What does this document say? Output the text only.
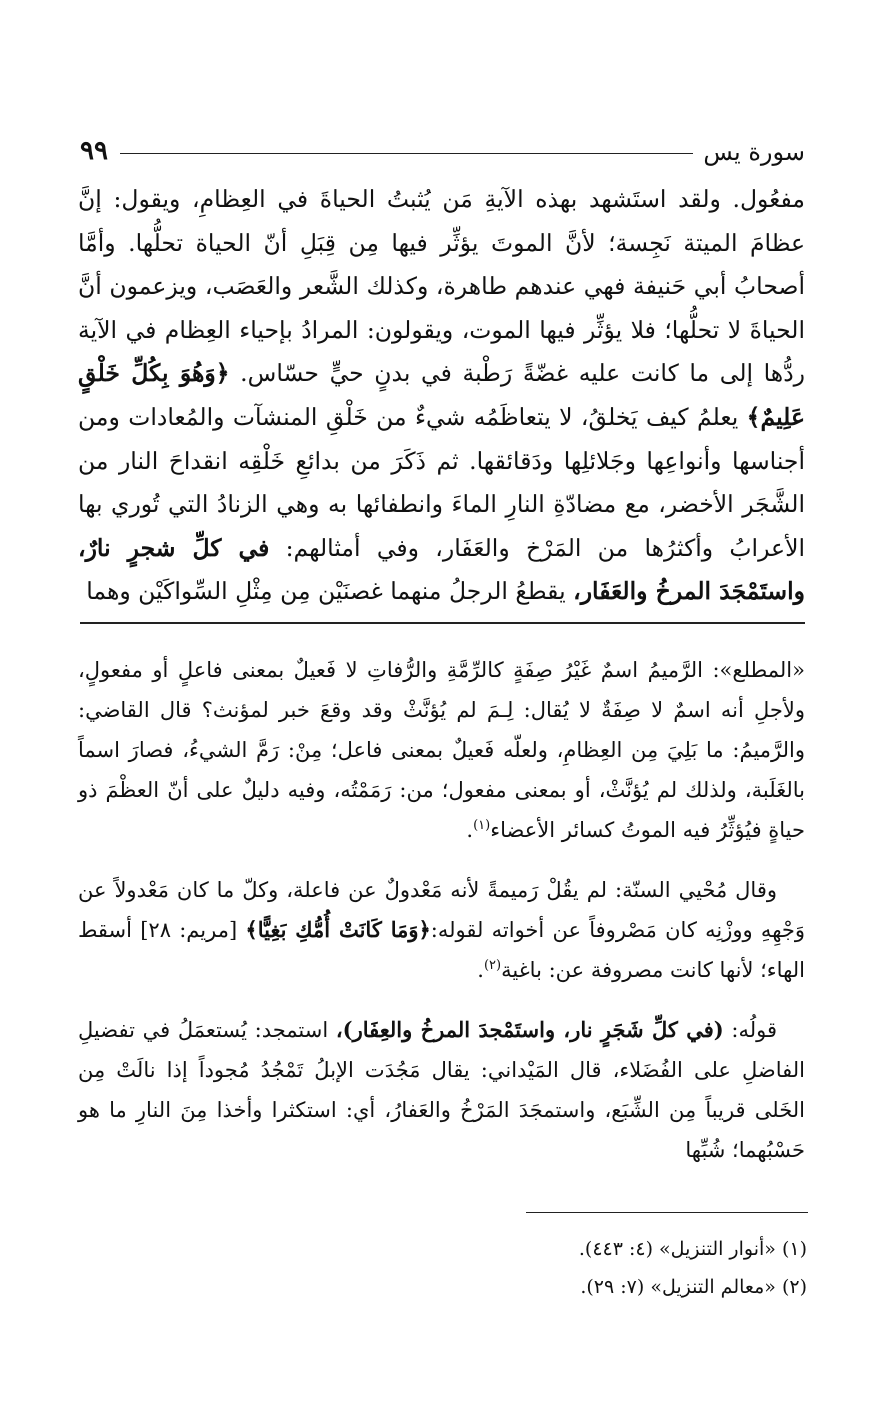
سورة يس
٩٩

مفعُول. ولقد استَشهد بهذه الآيةِ مَن يُثبتُ الحياةَ في العِظامِ، ويقول: إنَّ عظامَ الميتة نَجِسة؛ لأنَّ الموتَ يؤثِّر فيها مِن قِبَلِ أنّ الحياة تحلُّها. وأمَّا أصحابُ أبي حَنيفة فهي عندهم طاهرة، وكذلك الشَّعر والعَصَب، ويزعمون أنَّ الحياةَ لا تحلُّها؛ فلا يؤثِّر فيها الموت، ويقولون: المرادُ بإحياء العِظام في الآية ردُّها إلى ما كانت عليه غضّةً رَطْبة في بدنٍ حيٍّ حسّاس. ﴿وَهُوَ بِكُلِّ خَلْقٍ عَلِيمٌ﴾ يعلمُ كيف يَخلقُ، لا يتعاظَمُه شيءٌ من خَلْقِ المنشآت والمُعادات ومن أجناسها وأنواعِها وجَلائلِها ودَقائقها. ثم ذَكَرَ من بدائعِ خَلْقِه انقداحَ النار من الشَّجَر الأخضر، مع مضادّةِ النارِ الماءَ وانطفائها به وهي الزنادُ التي تُوري بها الأعرابُ وأكثرُها من المَرْخ والعَفَار، وفي أمثالهم: في كلِّ شجرٍ نارٌ، واستَمْجَدَ المرخُ والعَفَار، يقطعُ الرجلُ منهما غصنَيْن مِن مِثْلِ السِّواكَيْن وهما

«المطلع»: الرَّميمُ اسمٌ غَيْرُ صِفَةٍ كالرِّمَّةِ والرُّفاتِ لا فَعيلٌ بمعنى فاعلٍ أو مفعولٍ، ولأجلِ أنه اسمٌ لا صِفَةٌ لا يُقال: لِـمَ لم يُؤنَّثْ وقد وقعَ خبر لمؤنث؟ قال القاضي: والرَّميمُ: ما بَلِيَ مِن العِظامِ، ولعلّه فَعيلٌ بمعنى فاعل؛ مِنْ: رَمَّ الشيءُ، فصارَ اسماً بالغَلَبة، ولذلك لم يُؤنَّثْ، أو بمعنى مفعول؛ من: رَمَمْتُه، وفيه دليلٌ على أنّ العظْمَ ذو حياةٍ فيُؤثِّرُ فيه الموتُ كسائر الأعضاء$^{(١)}$.

وقال مُحْيي السنّة: لم يقُلْ رَميمةً لأنه مَعْدولٌ عن فاعلة، وكلّ ما كان مَعْدولاً عن وَجْهِهِ ووزْنِه كان مَصْروفاً عن أخواته لقوله:﴿وَمَا كَانَتْ أُمُّكِ بَغِيًّا﴾ [مريم: ٢٨] أسقط الهاء؛ لأنها كانت مصروفة عن: باغية$^{(٢)}$.

قولُه: (في كلِّ شَجَرٍ نار، واستَمْجدَ المرخُ والعِفَار)، استمجد: يُستعمَلُ في تفضيلِ الفاضلِ على الفُضَلاء، قال المَيْداني: يقال مَجُدَت الإبلُ تَمْجُدُ مُجوداً إذا نالَتْ مِن الخَلى قريباً مِن الشِّبَع، واستمجَدَ المَرْخُ والعَفارُ، أي: استكثرا وأخذا مِنَ النارِ ما هو حَسْبُهما؛ شُبِّها

(١) «أنوار التنزيل» (٤: ٤٤٣).

(٢) «معالم التنزيل» (٧: ٢٩).
